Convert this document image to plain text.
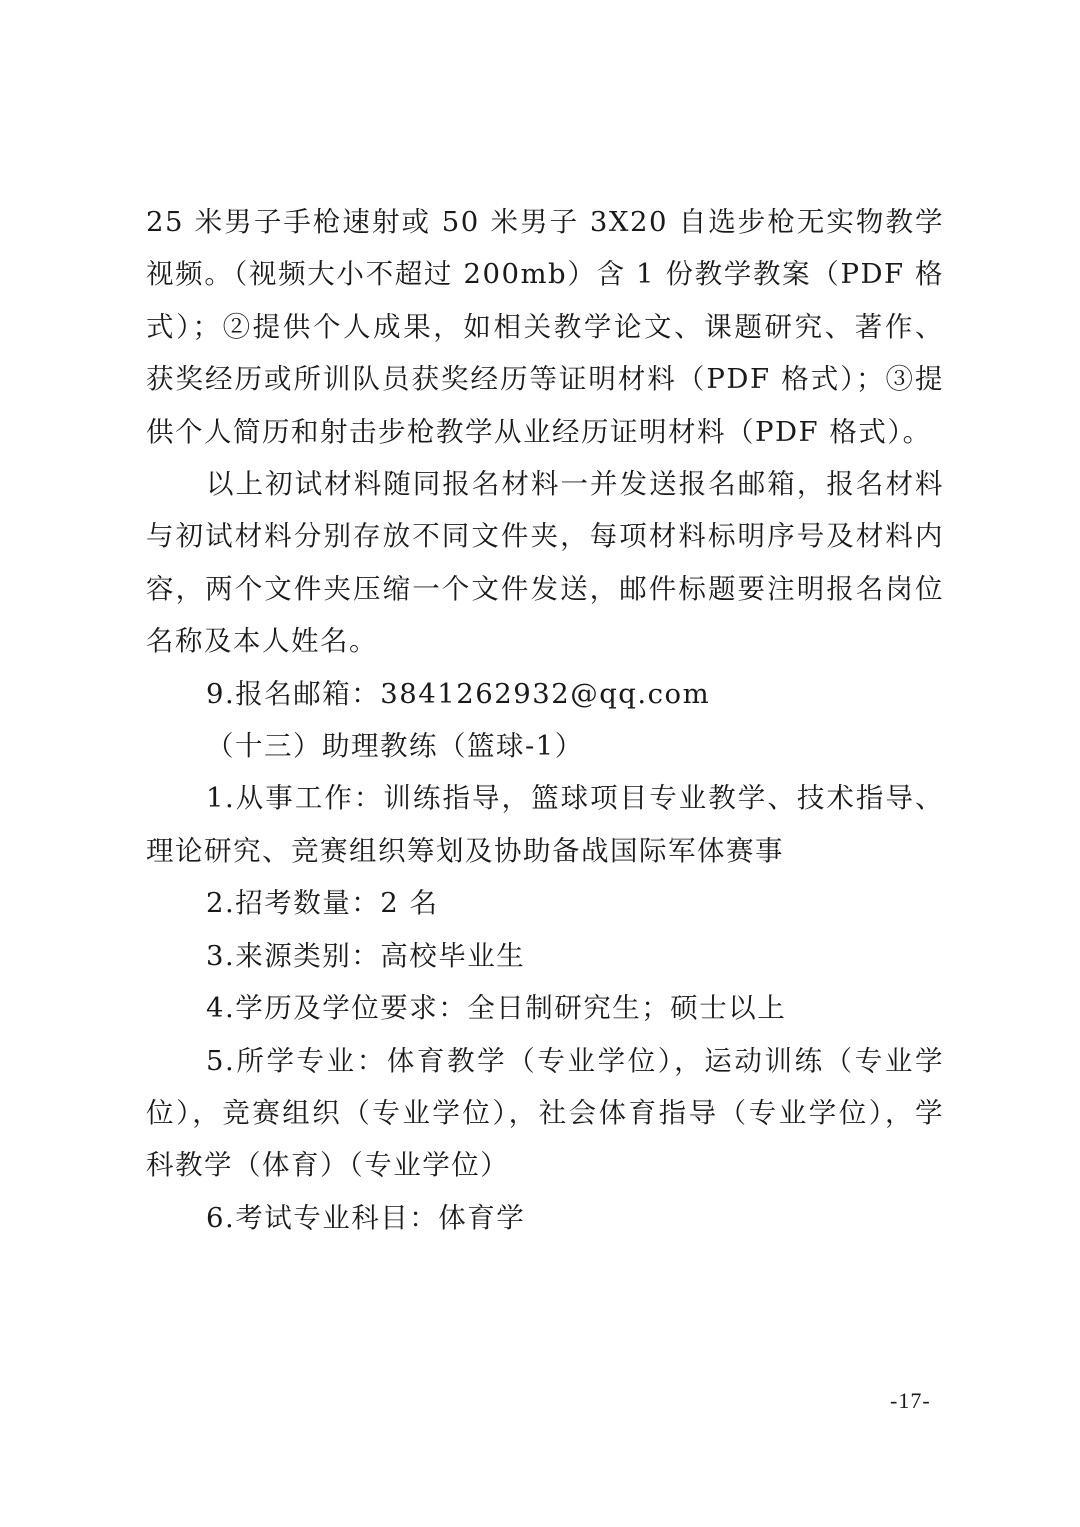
25 米男子手枪速射或 50 米男子 3X20 自选步枪无实物教学视频。（视频大小不超过 200mb）含 1 份教学教案（PDF 格式）；②提供个人成果，如相关教学论文、课题研究、著作、获奖经历或所训队员获奖经历等证明材料（PDF 格式）；③提供个人简历和射击步枪教学从业经历证明材料（PDF 格式）。

以上初试材料随同报名材料一并发送报名邮箱，报名材料与初试材料分别存放不同文件夹，每项材料标明序号及材料内容，两个文件夹压缩一个文件发送，邮件标题要注明报名岗位名称及本人姓名。

9.报名邮箱：3841262932@qq.com

（十三）助理教练（篮球-1）

1.从事工作：训练指导，篮球项目专业教学、技术指导、理论研究、竞赛组织筹划及协助备战国际军体赛事

2.招考数量：2 名

3.来源类别：高校毕业生

4.学历及学位要求：全日制研究生；硕士以上

5.所学专业：体育教学（专业学位），运动训练（专业学位），竞赛组织（专业学位），社会体育指导（专业学位），学科教学（体育）（专业学位）

6.考试专业科目：体育学

-17-
